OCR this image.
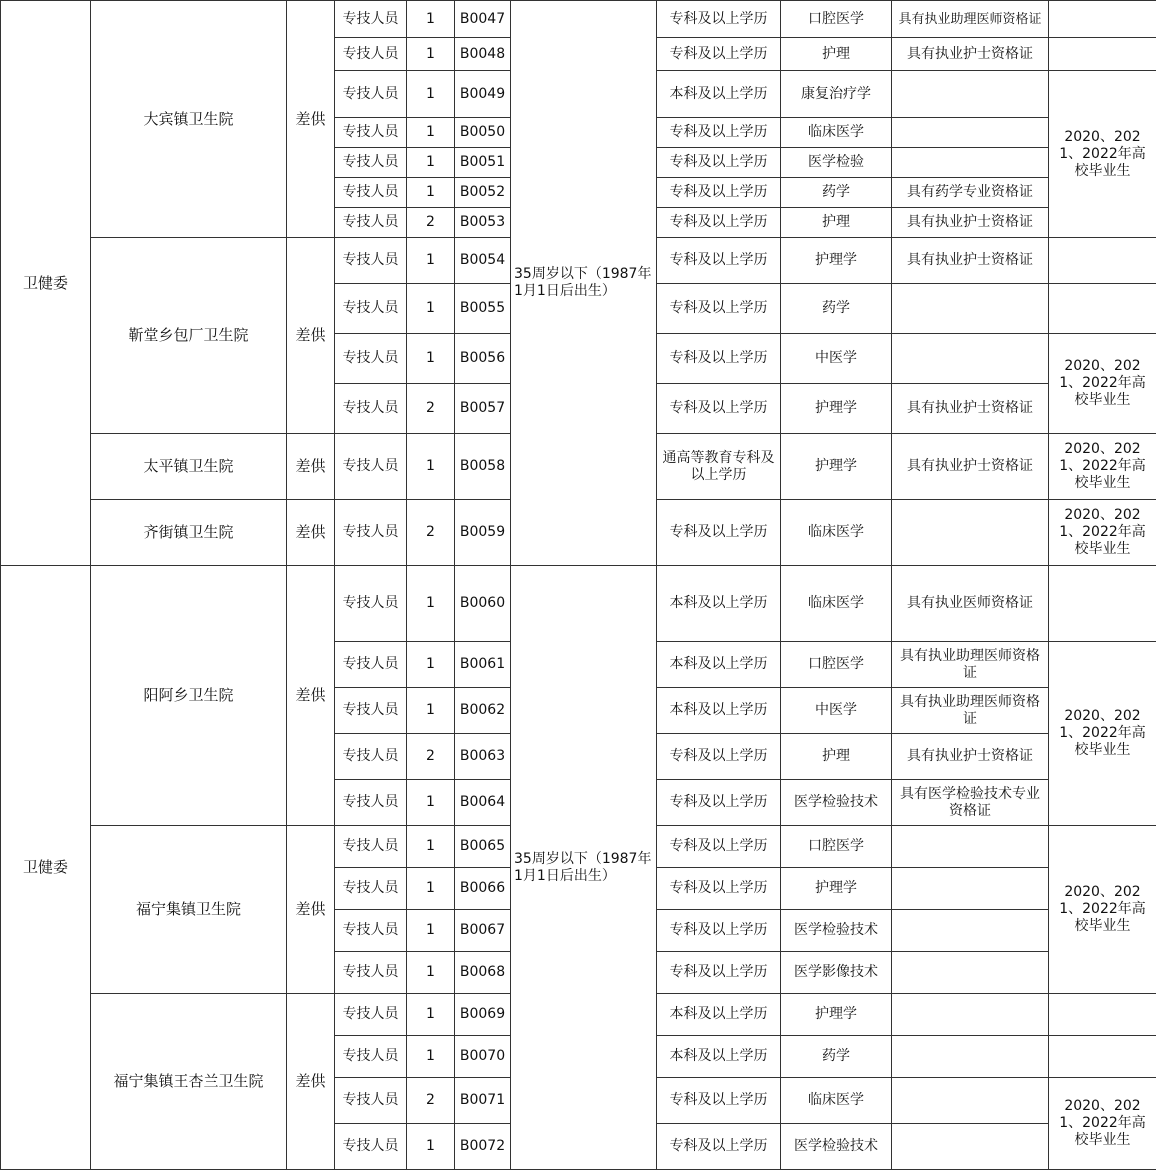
卫健委	大宾镇卫生院	差供	专技人员	1	B0047	35周岁以下（1987年1月1日后出生）	专科及以上学历	口腔医学	具有执业助理医师资格证	
			专技人员	1	B0048		专科及以上学历	护理	具有执业护士资格证	
			专技人员	1	B0049		本科及以上学历	康复治疗学		2020、2021、2022年高校毕业生
			专技人员	1	B0050		专科及以上学历	临床医学		
			专技人员	1	B0051		专科及以上学历	医学检验		
			专技人员	1	B0052		专科及以上学历	药学	具有药学专业资格证	
			专技人员	2	B0053		专科及以上学历	护理	具有执业护士资格证	
	靳堂乡包厂卫生院	差供	专技人员	1	B0054		专科及以上学历	护理学	具有执业护士资格证	
			专技人员	1	B0055		专科及以上学历	药学		
			专技人员	1	B0056		专科及以上学历	中医学		2020、2021、2022年高校毕业生
			专技人员	2	B0057		专科及以上学历	护理学	具有执业护士资格证	
	太平镇卫生院	差供	专技人员	1	B0058		通高等教育专科及以上学历	护理学	具有执业护士资格证	2020、2021、2022年高校毕业生
	齐街镇卫生院	差供	专技人员	2	B0059		专科及以上学历	临床医学		2020、2021、2022年高校毕业生
卫健委	阳阿乡卫生院	差供	专技人员	1	B0060	35周岁以下（1987年1月1日后出生）	本科及以上学历	临床医学	具有执业医师资格证	
			专技人员	1	B0061		本科及以上学历	口腔医学	具有执业助理医师资格证	2020、2021、2022年高校毕业生
			专技人员	1	B0062		本科及以上学历	中医学	具有执业助理医师资格证	
			专技人员	2	B0063		专科及以上学历	护理	具有执业护士资格证	
			专技人员	1	B0064		专科及以上学历	医学检验技术	具有医学检验技术专业资格证	
	福宁集镇卫生院	差供	专技人员	1	B0065		专科及以上学历	口腔医学		2020、2021、2022年高校毕业生
			专技人员	1	B0066		专科及以上学历	护理学		
			专技人员	1	B0067		专科及以上学历	医学检验技术		
			专技人员	1	B0068		专科及以上学历	医学影像技术		
	福宁集镇王杏兰卫生院	差供	专技人员	1	B0069		本科及以上学历	护理学		
			专技人员	1	B0070		本科及以上学历	药学		
			专技人员	2	B0071		专科及以上学历	临床医学		2020、2021、2022年高校毕业生
			专技人员	1	B0072		专科及以上学历	医学检验技术		
